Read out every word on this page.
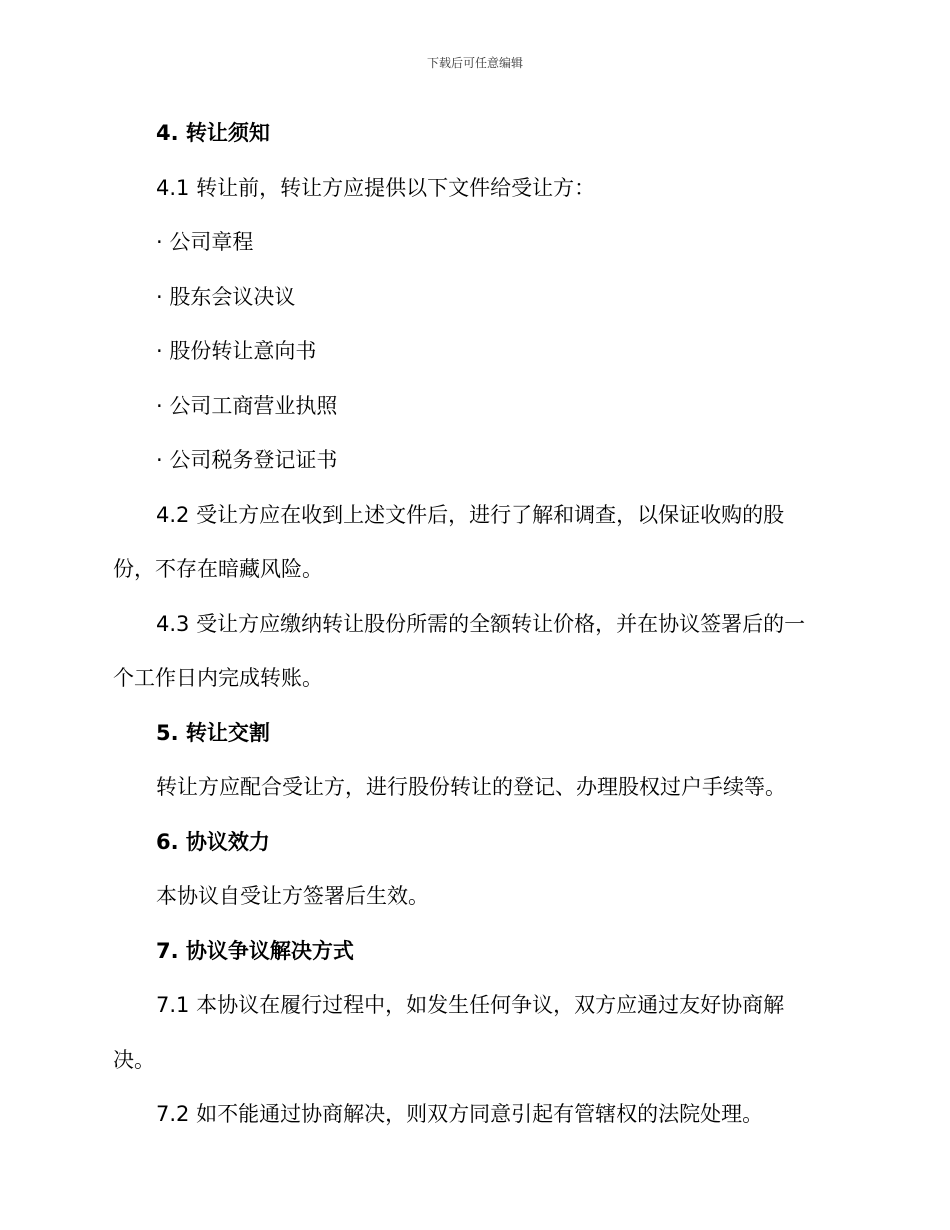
下载后可任意编辑
4. 转让须知
4.1 转让前，转让方应提供以下文件给受让方：
· 公司章程
· 股东会议决议
· 股份转让意向书
· 公司工商营业执照
· 公司税务登记证书
4.2 受让方应在收到上述文件后，进行了解和调查，以保证收购的股
份，不存在暗藏风险。
4.3 受让方应缴纳转让股份所需的全额转让价格，并在协议签署后的一
个工作日内完成转账。
5. 转让交割
转让方应配合受让方，进行股份转让的登记、办理股权过户手续等。
6. 协议效力
本协议自受让方签署后生效。
7. 协议争议解决方式
7.1 本协议在履行过程中，如发生任何争议，双方应通过友好协商解
决。
7.2 如不能通过协商解决，则双方同意引起有管辖权的法院处理。
